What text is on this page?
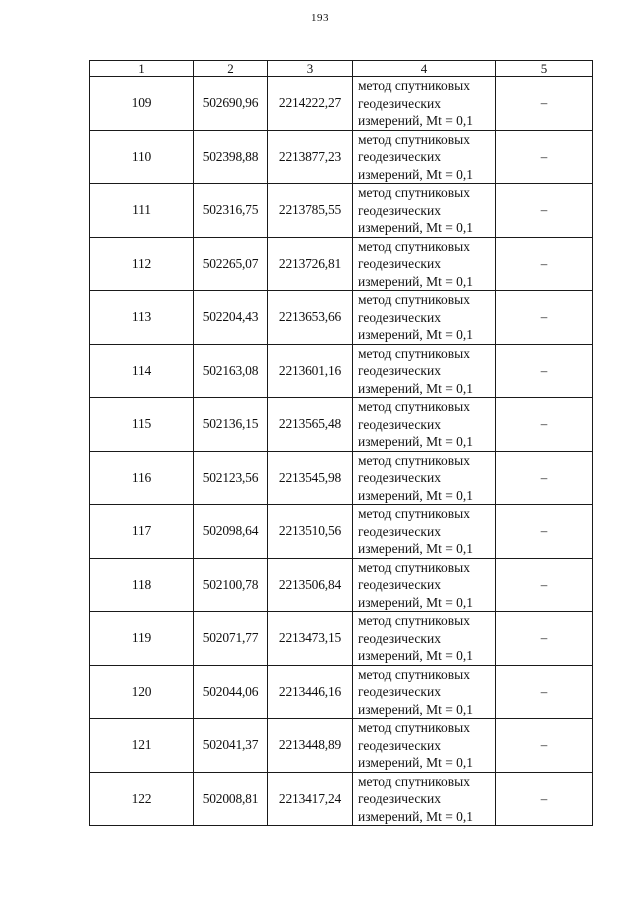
193
1	2	3	4	5
109	502690,96	2214222,27	метод спутниковых
геодезических
измерений, Mt = 0,1	–
110	502398,88	2213877,23	метод спутниковых
геодезических
измерений, Mt = 0,1	–
111	502316,75	2213785,55	метод спутниковых
геодезических
измерений, Mt = 0,1	–
112	502265,07	2213726,81	метод спутниковых
геодезических
измерений, Mt = 0,1	–
113	502204,43	2213653,66	метод спутниковых
геодезических
измерений, Mt = 0,1	–
114	502163,08	2213601,16	метод спутниковых
геодезических
измерений, Mt = 0,1	–
115	502136,15	2213565,48	метод спутниковых
геодезических
измерений, Mt = 0,1	–
116	502123,56	2213545,98	метод спутниковых
геодезических
измерений, Mt = 0,1	–
117	502098,64	2213510,56	метод спутниковых
геодезических
измерений, Mt = 0,1	–
118	502100,78	2213506,84	метод спутниковых
геодезических
измерений, Mt = 0,1	–
119	502071,77	2213473,15	метод спутниковых
геодезических
измерений, Mt = 0,1	–
120	502044,06	2213446,16	метод спутниковых
геодезических
измерений, Mt = 0,1	–
121	502041,37	2213448,89	метод спутниковых
геодезических
измерений, Mt = 0,1	–
122	502008,81	2213417,24	метод спутниковых
геодезических
измерений, Mt = 0,1	–
